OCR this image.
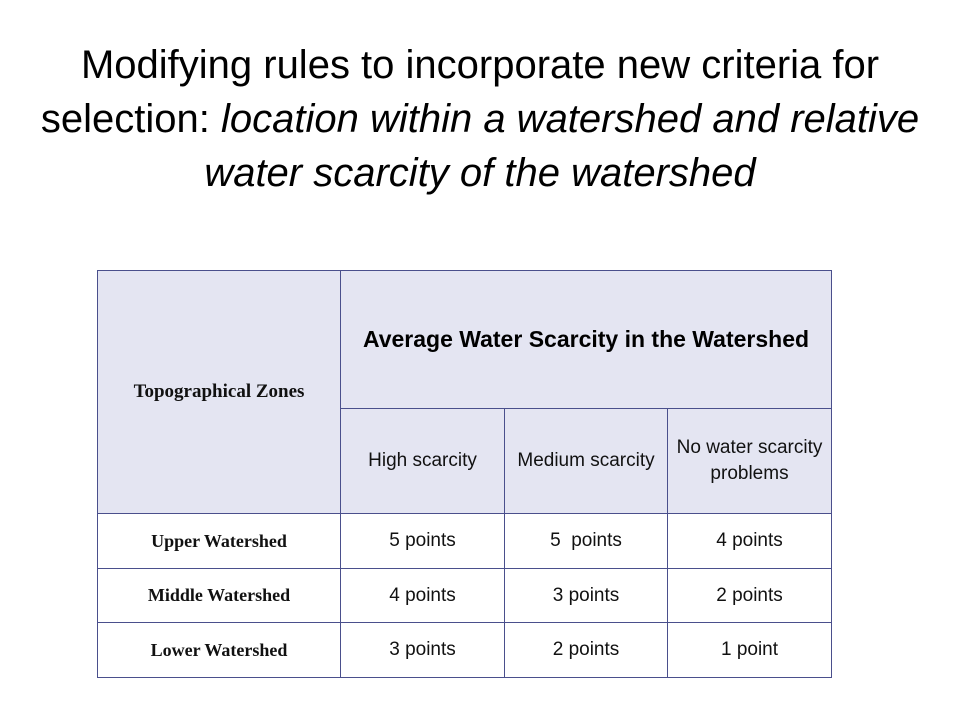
Modifying rules to incorporate new criteria for selection: location within a watershed and relative water scarcity of the watershed
Topographical Zones	Average Water Scarcity in the Watershed		
	High scarcity	Medium scarcity	No water scarcity problems
Upper Watershed	5 points	5  points	4 points
Middle Watershed	4 points	3 points	2 points
Lower Watershed	3 points	2 points	1 point
